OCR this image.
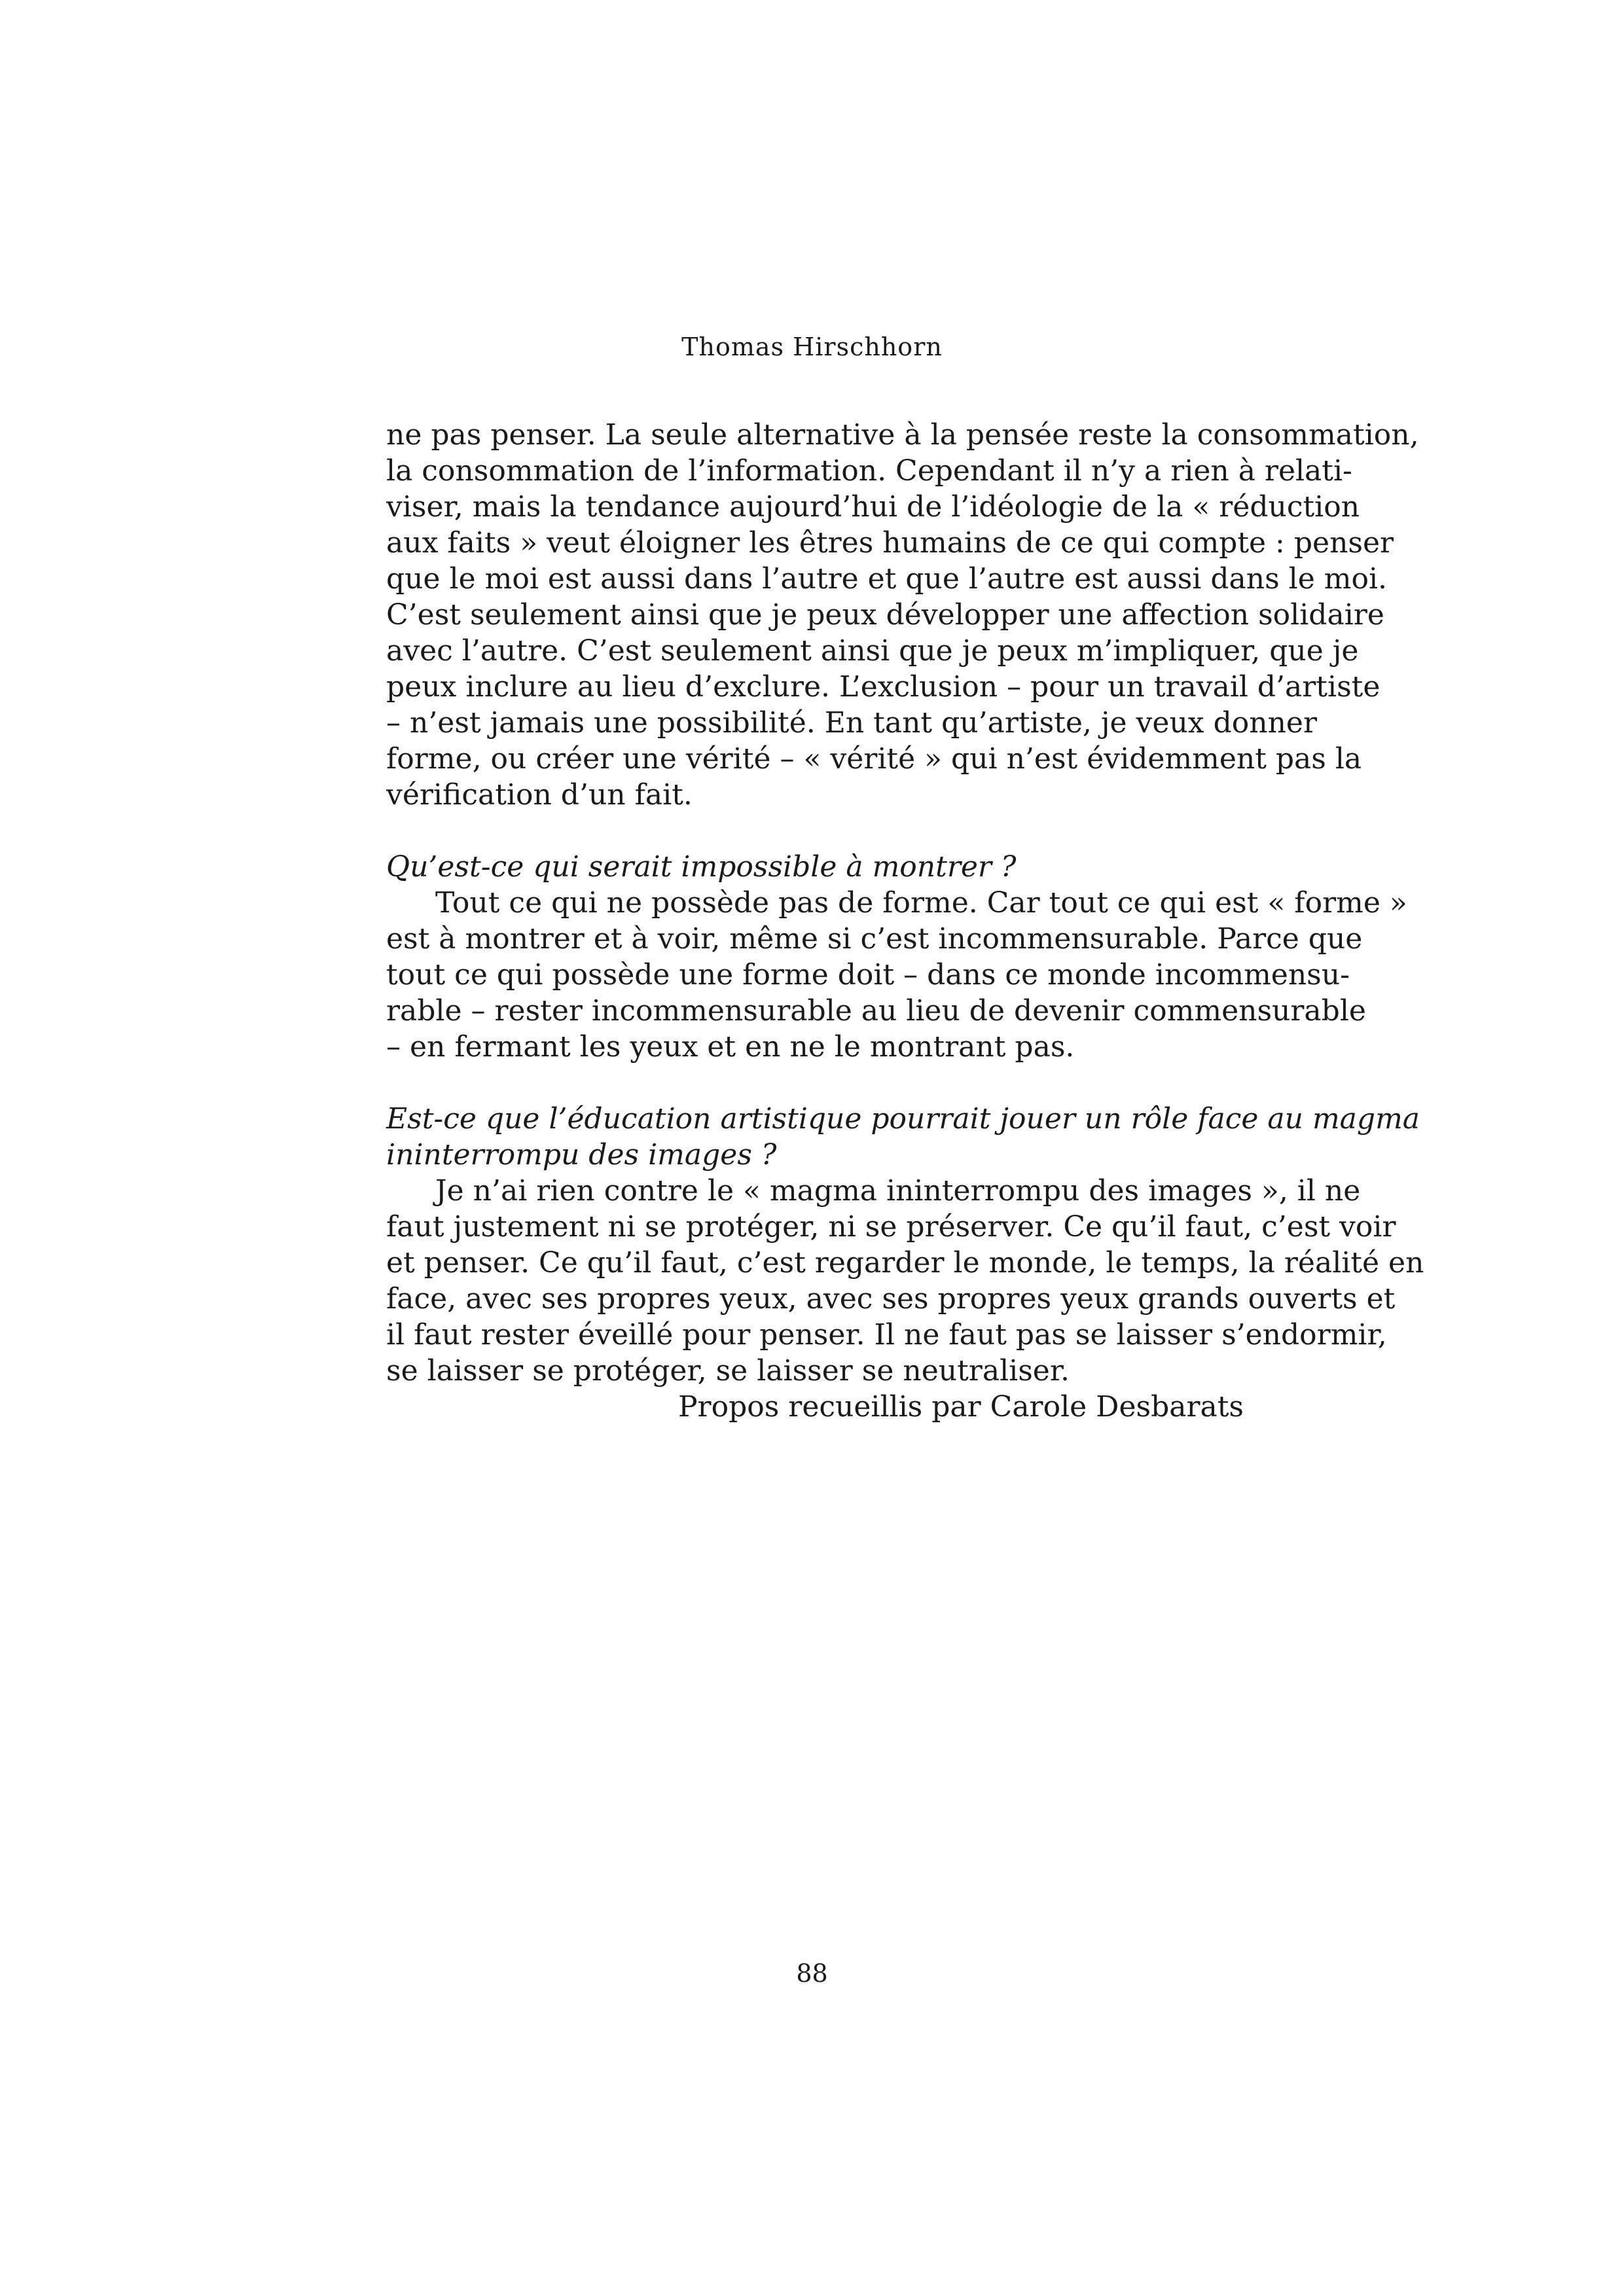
Thomas Hirschhorn
ne pas penser. La seule alternative à la pensée reste la consommation,
la consommation de l’information. Cependant il n’y a rien à relati-
viser, mais la tendance aujourd’hui de l’idéologie de la « réduction
aux faits » veut éloigner les êtres humains de ce qui compte : penser
que le moi est aussi dans l’autre et que l’autre est aussi dans le moi.
C’est seulement ainsi que je peux développer une affection solidaire
avec l’autre. C’est seulement ainsi que je peux m’impliquer, que je
peux inclure au lieu d’exclure. L’exclusion – pour un travail d’artiste
– n’est jamais une possibilité. En tant qu’artiste, je veux donner
forme, ou créer une vérité – « vérité » qui n’est évidemment pas la
vérification d’un fait.
Qu’est-ce qui serait impossible à montrer ?
Tout ce qui ne possède pas de forme. Car tout ce qui est « forme »
est à montrer et à voir, même si c’est incommensurable. Parce que
tout ce qui possède une forme doit – dans ce monde incommensu-
rable – rester incommensurable au lieu de devenir commensurable
– en fermant les yeux et en ne le montrant pas.
Est-ce que l’éducation artistique pourrait jouer un rôle face au magma
ininterrompu des images ?
Je n’ai rien contre le « magma ininterrompu des images », il ne
faut justement ni se protéger, ni se préserver. Ce qu’il faut, c’est voir
et penser. Ce qu’il faut, c’est regarder le monde, le temps, la réalité en
face, avec ses propres yeux, avec ses propres yeux grands ouverts et
il faut rester éveillé pour penser. Il ne faut pas se laisser s’endormir,
se laisser se protéger, se laisser se neutraliser.
Propos recueillis par Carole Desbarats
88
